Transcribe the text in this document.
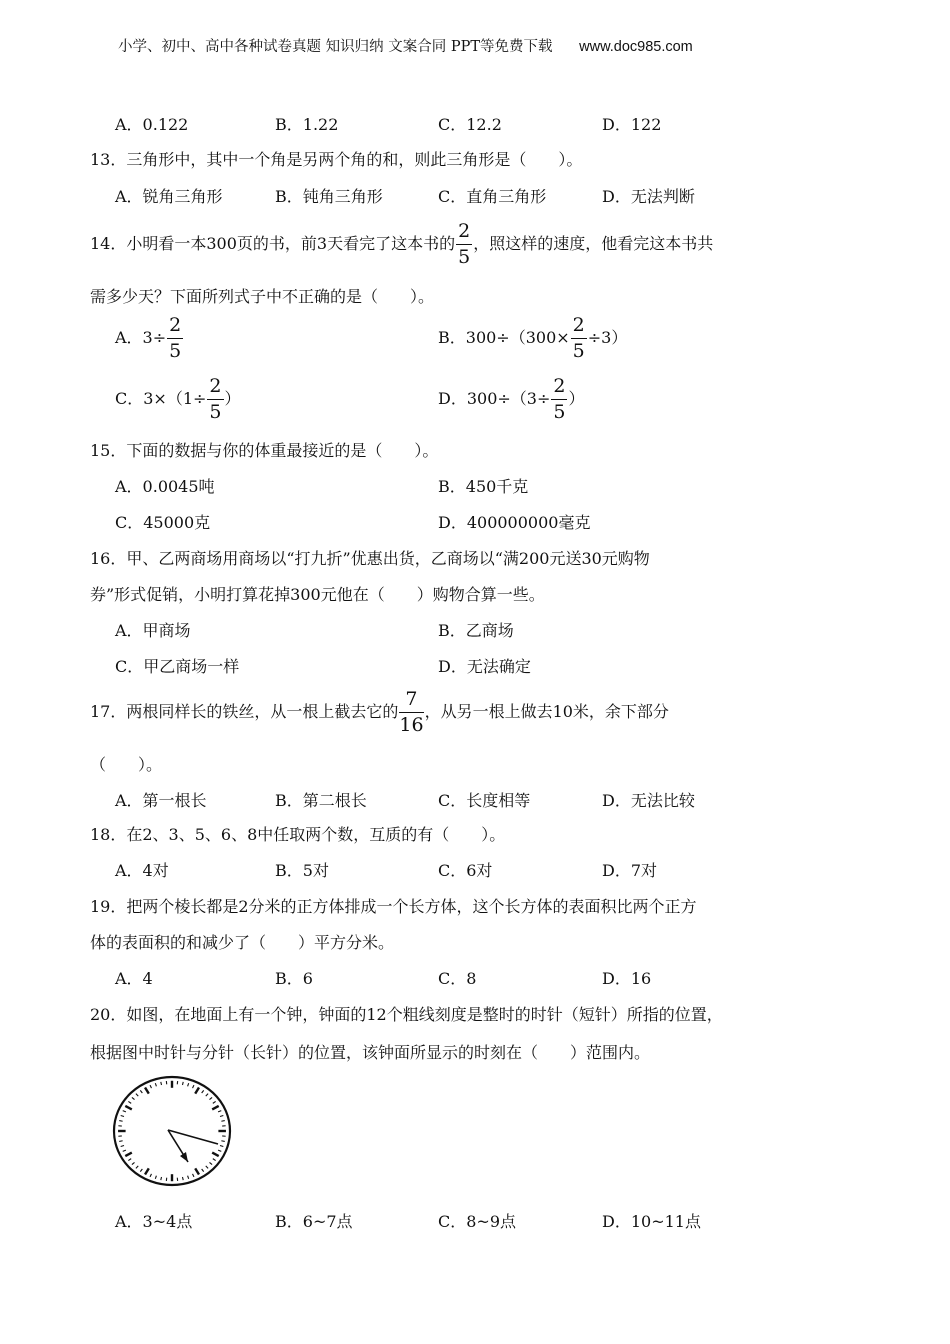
小学、初中、高中各种试卷真题 知识归纳 文案合同 PPT等免费下载 www.doc985.com
A．0.122	B．1.22	C．12.2	D．122
13．三角形中，其中一个角是另两个角的和，则此三角形是（　　）。
A．锐角三角形	B．钝角三角形	C．直角三角形	D．无法判断
14．小明看一本300页的书，前3天看完了这本书的 $\frac{2}{5}$ ，照这样的速度，他看完这本书共
需多少天？下面所列式子中不正确的是（　　）。
A．$3\div \frac{2}{5}$	B．$300\div(300\times \frac{2}{5} \div 3)$
C．$3\times(1\div \frac{2}{5}$ ）	D．$300\div(3\div \frac{2}{5}$ ）
15．下面的数据与你的体重最接近的是（　　）。
A．0.0045吨	B．450千克
C．45000克	D．400000000毫克
16．甲、乙两商场用商场以“打九折”优惠出货，乙商场以“满200元送30元购物
券”形式促销，小明打算花掉300元他在（　　）购物合算一些。
A．甲商场	B．乙商场
C．甲乙商场一样	D．无法确定
17．两根同样长的铁丝，从一根上截去它的 $\frac{7}{16}$ ，从另一根上做去10米，余下部分
（　　）。
A．第一根长	B．第二根长	C．长度相等	D．无法比较
18．在2、3、5、6、8中任取两个数，互质的有（　　）。
A．4对	B．5对	C．6对	D．7对
19．把两个棱长都是2分米的正方体排成一个长方体，这个长方体的表面积比两个正方
体的表面积的和减少了（　　）平方分米。
A．4	B．6	C．8	D．16
20．如图，在地面上有一个钟，钟面的12个粗线刻度是整时的时针（短针）所指的位置，
根据图中时针与分针（长针）的位置，该钟面所显示的时刻在（　　）范围内。
A．3~4点	B．6~7点	C．8~9点	D．10~11点
